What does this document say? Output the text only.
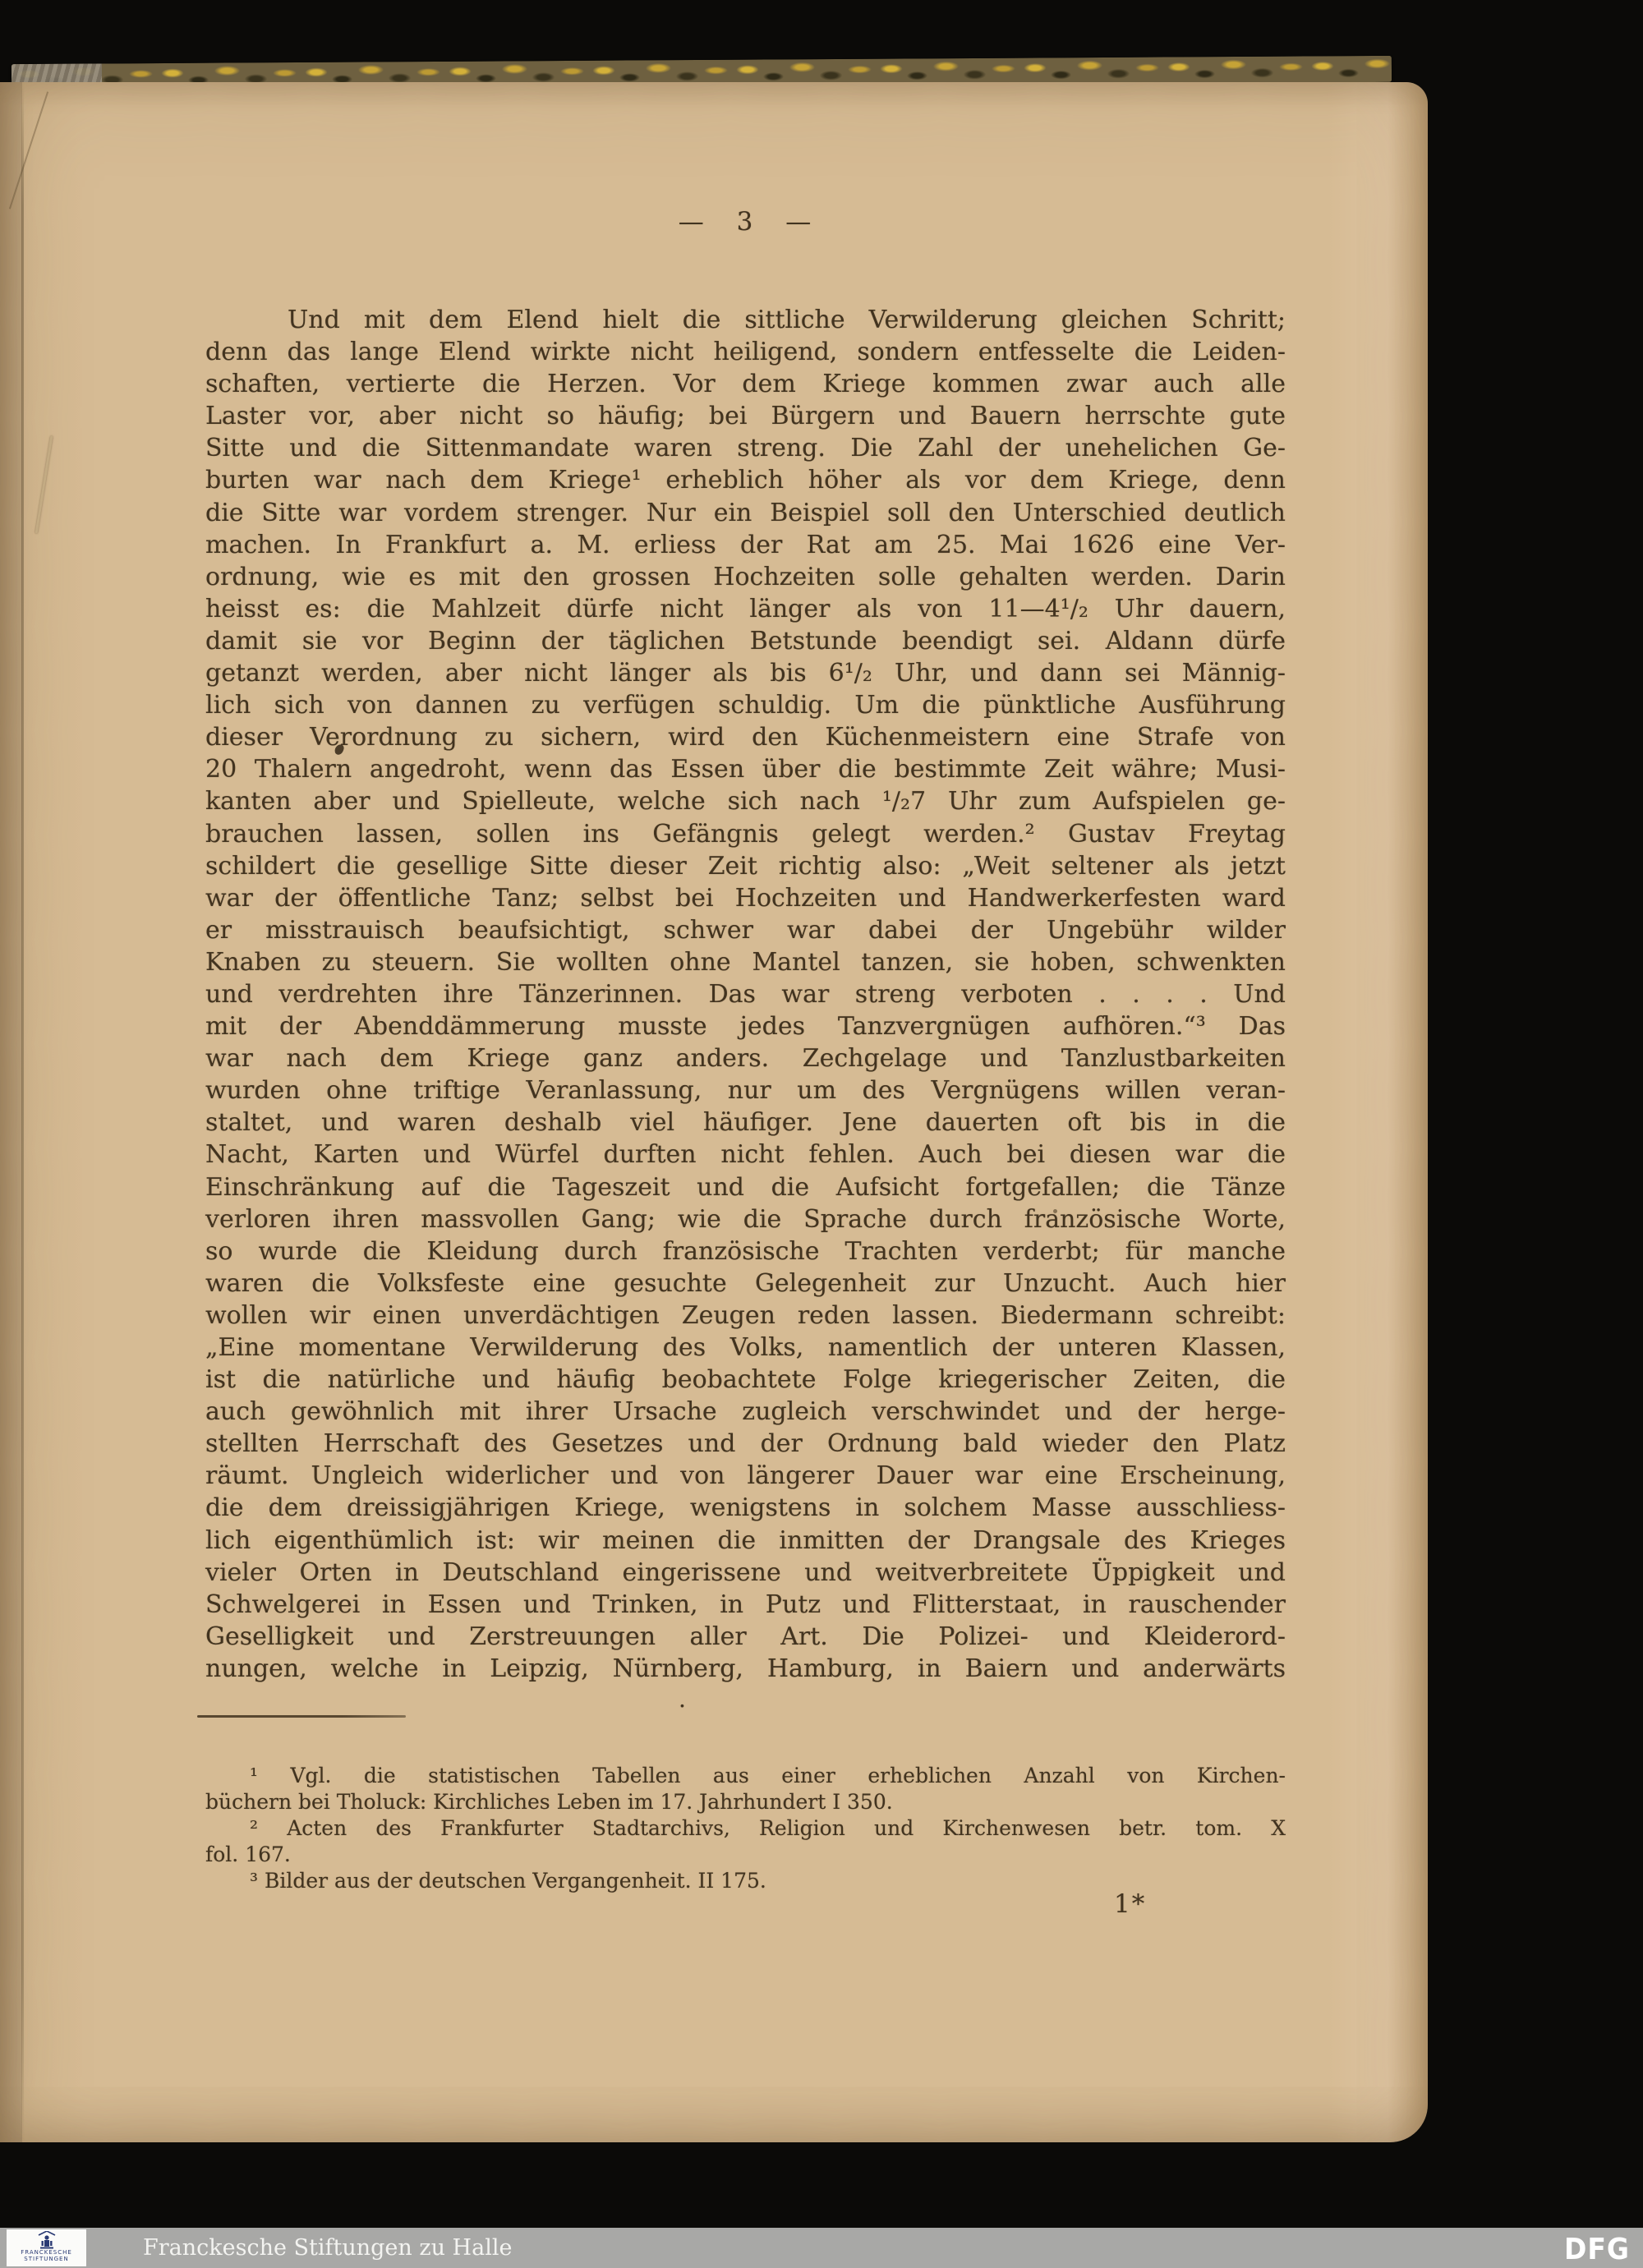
— 3 —
Und mit dem Elend hielt die sittliche Verwilderung gleichen Schritt;
denn das lange Elend wirkte nicht heiligend, sondern entfesselte die Leiden-
schaften, vertierte die Herzen. Vor dem Kriege kommen zwar auch alle
Laster vor, aber nicht so häufig; bei Bürgern und Bauern herrschte gute
Sitte und die Sittenmandate waren streng. Die Zahl der unehelichen Ge-
burten war nach dem Kriege¹ erheblich höher als vor dem Kriege, denn
die Sitte war vordem strenger. Nur ein Beispiel soll den Unterschied deutlich
machen. In Frankfurt a. M. erliess der Rat am 25. Mai 1626 eine Ver-
ordnung, wie es mit den grossen Hochzeiten solle gehalten werden. Darin
heisst es: die Mahlzeit dürfe nicht länger als von 11—4¹/₂ Uhr dauern,
damit sie vor Beginn der täglichen Betstunde beendigt sei. Aldann dürfe
getanzt werden, aber nicht länger als bis 6¹/₂ Uhr, und dann sei Männig-
lich sich von dannen zu verfügen schuldig. Um die pünktliche Ausführung
dieser Verordnung zu sichern, wird den Küchenmeistern eine Strafe von
20 Thalern angedroht, wenn das Essen über die bestimmte Zeit währe; Musi-
kanten aber und Spielleute, welche sich nach ¹/₂7 Uhr zum Aufspielen ge-
brauchen lassen, sollen ins Gefängnis gelegt werden.² Gustav Freytag
schildert die gesellige Sitte dieser Zeit richtig also: „Weit seltener als jetzt
war der öffentliche Tanz; selbst bei Hochzeiten und Handwerkerfesten ward
er misstrauisch beaufsichtigt, schwer war dabei der Ungebühr wilder
Knaben zu steuern. Sie wollten ohne Mantel tanzen, sie hoben, schwenkten
und verdrehten ihre Tänzerinnen. Das war streng verboten . . . . Und
mit der Abenddämmerung musste jedes Tanzvergnügen aufhören.“³ Das
war nach dem Kriege ganz anders. Zechgelage und Tanzlustbarkeiten
wurden ohne triftige Veranlassung, nur um des Vergnügens willen veran-
staltet, und waren deshalb viel häufiger. Jene dauerten oft bis in die
Nacht, Karten und Würfel durften nicht fehlen. Auch bei diesen war die
Einschränkung auf die Tageszeit und die Aufsicht fortgefallen; die Tänze
verloren ihren massvollen Gang; wie die Sprache durch französische Worte,
so wurde die Kleidung durch französische Trachten verderbt; für manche
waren die Volksfeste eine gesuchte Gelegenheit zur Unzucht. Auch hier
wollen wir einen unverdächtigen Zeugen reden lassen. Biedermann schreibt:
„Eine momentane Verwilderung des Volks, namentlich der unteren Klassen,
ist die natürliche und häufig beobachtete Folge kriegerischer Zeiten, die
auch gewöhnlich mit ihrer Ursache zugleich verschwindet und der herge-
stellten Herrschaft des Gesetzes und der Ordnung bald wieder den Platz
räumt. Ungleich widerlicher und von längerer Dauer war eine Erscheinung,
die dem dreissigjährigen Kriege, wenigstens in solchem Masse ausschliess-
lich eigenthümlich ist: wir meinen die inmitten der Drangsale des Krieges
vieler Orten in Deutschland eingerissene und weitverbreitete Üppigkeit und
Schwelgerei in Essen und Trinken, in Putz und Flitterstaat, in rauschender
Geselligkeit und Zerstreuungen aller Art. Die Polizei- und Kleiderord-
nungen, welche in Leipzig, Nürnberg, Hamburg, in Baiern und anderwärts
.
¹ Vgl. die statistischen Tabellen aus einer erheblichen Anzahl von Kirchen-
büchern bei Tholuck: Kirchliches Leben im 17. Jahrhundert I 350.
² Acten des Frankfurter Stadtarchivs, Religion und Kirchenwesen betr. tom. X
fol. 167.
³ Bilder aus der deutschen Vergangenheit. II 175.
1*
FRANCKESCHE
STIFTUNGEN	Franckesche Stiftungen zu Halle	DFG
